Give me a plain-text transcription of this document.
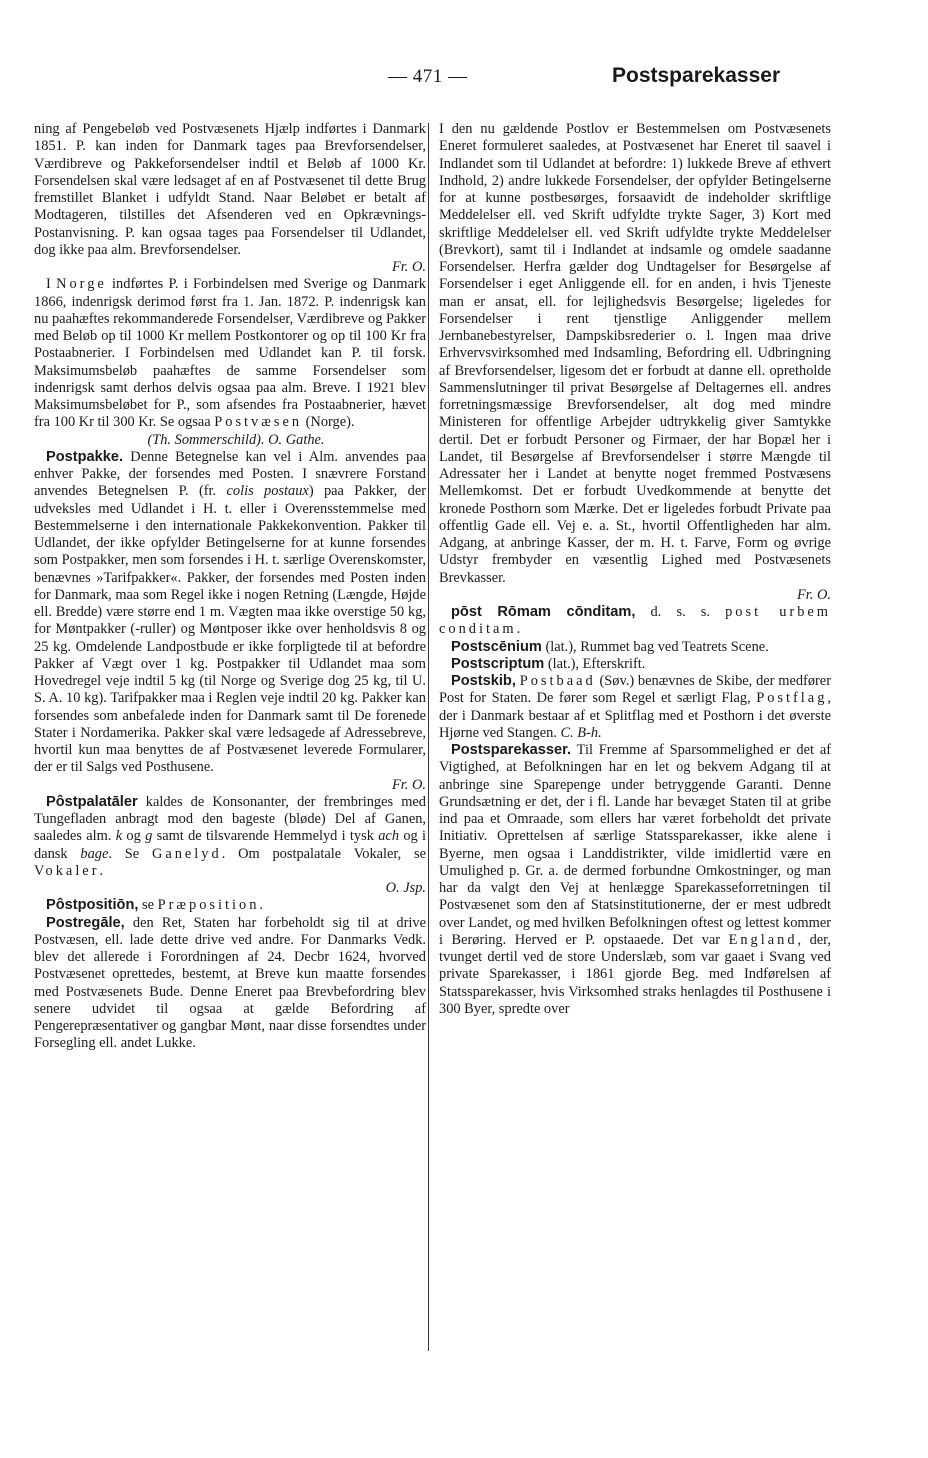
— 471 —	Postsparekasser

ning af Pengebeløb ved Postvæsenets Hjælp indførtes i Danmark 1851. P. kan inden for Danmark tages paa Brevforsendelser, Værdibreve og Pakkeforsendelser indtil et Beløb af 1000 Kr. Forsendelsen skal være ledsaget af en af Postvæsenet til dette Brug fremstillet Blanket i udfyldt Stand. Naar Beløbet er betalt af Modtageren, tilstilles det Afsenderen ved en Opkrævnings-Postanvisning. P. kan ogsaa tages paa Forsendelser til Udlandet, dog ikke paa alm. Brevforsendelser.
Fr. O.

I Norge indførtes P. i Forbindelsen med Sverige og Danmark 1866, indenrigsk derimod først fra 1. Jan. 1872. P. indenrigsk kan nu paahæftes rekommanderede Forsendelser, Værdibreve og Pakker med Beløb op til 1000 Kr mellem Postkontorer og op til 100 Kr fra Postaabnerier. I Forbindelsen med Udlandet kan P. til forsk. Maksimumsbeløb paahæftes de samme Forsendelser som indenrigsk samt derhos delvis ogsaa paa alm. Breve. I 1921 blev Maksimumsbeløbet for P., som afsendes fra Postaabnerier, hævet fra 100 Kr til 300 Kr. Se ogsaa Postvæsen (Norge).
(Th. Sommerschild). O. Gathe.

Postpakke. Denne Betegnelse kan vel i Alm. anvendes paa enhver Pakke, der forsendes med Posten. I snævrere Forstand anvendes Betegnelsen P. (fr. colis postaux) paa Pakker, der udveksles med Udlandet i H. t. eller i Overensstemmelse med Bestemmelserne i den internationale Pakkekonvention. Pakker til Udlandet, der ikke opfylder Betingelserne for at kunne forsendes som Postpakker, men som forsendes i H. t. særlige Overenskomster, benævnes »Tarifpakker«. Pakker, der forsendes med Posten inden for Danmark, maa som Regel ikke i nogen Retning (Længde, Højde ell. Bredde) være større end 1 m. Vægten maa ikke overstige 50 kg, for Møntpakker (-ruller) og Møntposer ikke over henholdsvis 8 og 25 kg. Omdelende Landpostbude er ikke forpligtede til at befordre Pakker af Vægt over 1 kg. Postpakker til Udlandet maa som Hovedregel veje indtil 5 kg (til Norge og Sverige dog 25 kg, til U. S. A. 10 kg). Tarifpakker maa i Reglen veje indtil 20 kg. Pakker kan forsendes som anbefalede inden for Danmark samt til De forenede Stater i Nordamerika. Pakker skal være ledsagede af Adressebreve, hvortil kun maa benyttes de af Postvæsenet leverede Formularer, der er til Salgs ved Posthusene.
Fr. O.

Pôstpalatāler kaldes de Konsonanter, der frembringes med Tungefladen anbragt mod den bageste (bløde) Del af Ganen, saaledes alm. k og g samt de tilsvarende Hemmelyd i tysk ach og i dansk bage. Se Ganelyd. Om postpalatale Vokaler, se Vokaler.
O. Jsp.

Pôstpositiōn, se Præposition.

Postregāle, den Ret, Staten har forbeholdt sig til at drive Postvæsen, ell. lade dette drive ved andre. For Danmarks Vedk. blev det allerede i Forordningen af 24. Decbr 1624, hvorved Postvæsenet oprettedes, bestemt, at Breve kun maatte forsendes med Postvæsenets Bude. Denne Eneret paa Brevbefordring blev senere udvidet til ogsaa at gælde Befordring af Pengerepræsentativer og gangbar Mønt, naar disse forsendtes under Forsegling ell. andet Lukke.

I den nu gældende Postlov er Bestemmelsen om Postvæsenets Eneret formuleret saaledes, at Postvæsenet har Eneret til saavel i Indlandet som til Udlandet at befordre: 1) lukkede Breve af ethvert Indhold, 2) andre lukkede Forsendelser, der opfylder Betingelserne for at kunne postbesørges, forsaavidt de indeholder skriftlige Meddelelser ell. ved Skrift udfyldte trykte Sager, 3) Kort med skriftlige Meddelelser ell. ved Skrift udfyldte trykte Meddelelser (Brevkort), samt til i Indlandet at indsamle og omdele saadanne Forsendelser. Herfra gælder dog Undtagelser for Besørgelse af Forsendelser i eget Anliggende ell. for en anden, i hvis Tjeneste man er ansat, ell. for lejlighedsvis Besørgelse; ligeledes for Forsendelser i rent tjenstlige Anliggender mellem Jernbanebestyrelser, Dampskibsrederier o. l. Ingen maa drive Erhvervsvirksomhed med Indsamling, Befordring ell. Udbringning af Brevforsendelser, ligesom det er forbudt at danne ell. opretholde Sammenslutninger til privat Besørgelse af Deltagernes ell. andres forretningsmæssige Brevforsendelser, alt dog med mindre Ministeren for offentlige Arbejder udtrykkelig giver Samtykke dertil. Det er forbudt Personer og Firmaer, der har Bopæl her i Landet, til Besørgelse af Brevforsendelser i større Mængde til Adressater her i Landet at benytte noget fremmed Postvæsens Mellemkomst. Det er forbudt Uvedkommende at benytte det kronede Posthorn som Mærke. Det er ligeledes forbudt Private paa offentlig Gade ell. Vej e. a. St., hvortil Offentligheden har alm. Adgang, at anbringe Kasser, der m. H. t. Farve, Form og øvrige Udstyr frembyder en væsentlig Lighed med Postvæsenets Brevkasser.
Fr. O.

pōst Rōmam cōnditam, d. s. s. post urbem conditam.

Postscēnium (lat.), Rummet bag ved Teatrets Scene.

Postscriptum (lat.), Efterskrift.

Postskib, Postbaad (Søv.) benævnes de Skibe, der medfører Post for Staten. De fører som Regel et særligt Flag, Postflag, der i Danmark bestaar af et Splitflag med et Posthorn i det øverste Hjørne ved Stangen. C. B-h.

Postsparekasser. Til Fremme af Sparsommelighed er det af Vigtighed, at Befolkningen har en let og bekvem Adgang til at anbringe sine Sparepenge under betryggende Garanti. Denne Grundsætning er det, der i fl. Lande har bevæget Staten til at gribe ind paa et Omraade, som ellers har været forbeholdt det private Initiativ. Oprettelsen af særlige Statssparekasser, ikke alene i Byerne, men ogsaa i Landdistrikter, vilde imidlertid være en Umulighed p. Gr. a. de dermed forbundne Omkostninger, og man har da valgt den Vej at henlægge Sparekasseforretningen til Postvæsenet som den af Statsinstitutionerne, der er mest udbredt over Landet, og med hvilken Befolkningen oftest og lettest kommer i Berøring. Herved er P. opstaaede. Det var England, der, tvunget dertil ved de store Underslæb, som var gaaet i Svang ved private Sparekasser, i 1861 gjorde Beg. med Indførelsen af Statssparekasser, hvis Virksomhed straks henlagdes til Posthusene i 300 Byer, spredte over
